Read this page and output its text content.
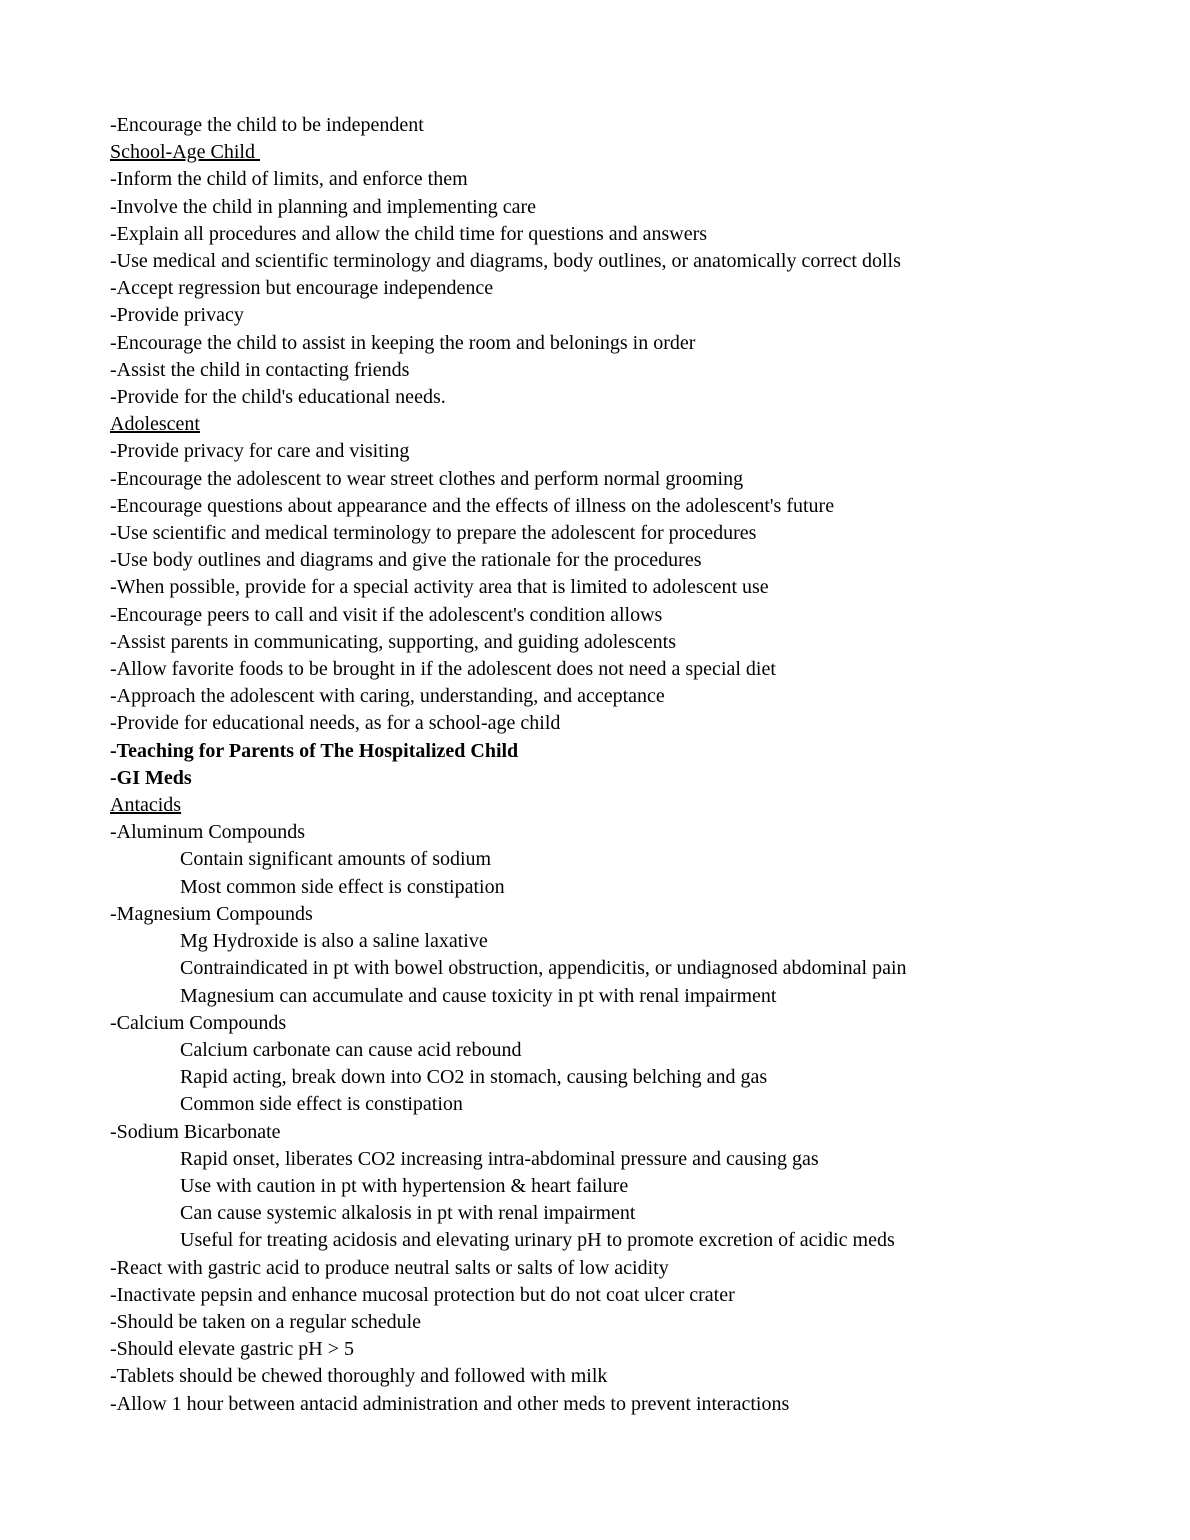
-Encourage the child to be independent
School-Age Child
-Inform the child of limits, and enforce them
-Involve the child in planning and implementing care
-Explain all procedures and allow the child time for questions and answers
-Use medical and scientific terminology and diagrams, body outlines, or anatomically correct dolls
-Accept regression but encourage independence
-Provide privacy
-Encourage the child to assist in keeping the room and belonings in order
-Assist the child in contacting friends
-Provide for the child's educational needs.
Adolescent
-Provide privacy for care and visiting
-Encourage the adolescent to wear street clothes and perform normal grooming
-Encourage questions about appearance and the effects of illness on the adolescent's future
-Use scientific and medical terminology to prepare the adolescent for procedures
-Use body outlines and diagrams and give the rationale for the procedures
-When possible, provide for a special activity area that is limited to adolescent use
-Encourage peers to call and visit if the adolescent's condition allows
-Assist parents in communicating, supporting, and guiding adolescents
-Allow favorite foods to be brought in if the adolescent does not need a special diet
-Approach the adolescent with caring, understanding, and acceptance
-Provide for educational needs, as for a school-age child
-Teaching for Parents of The Hospitalized Child
-GI Meds
Antacids
-Aluminum Compounds
Contain significant amounts of sodium
Most common side effect is constipation
-Magnesium Compounds
Mg Hydroxide is also a saline laxative
Contraindicated in pt with bowel obstruction, appendicitis, or undiagnosed abdominal pain
Magnesium can accumulate and cause toxicity in pt with renal impairment
-Calcium Compounds
Calcium carbonate can cause acid rebound
Rapid acting, break down into CO2 in stomach, causing belching and gas
Common side effect is constipation
-Sodium Bicarbonate
Rapid onset, liberates CO2 increasing intra-abdominal pressure and causing gas
Use with caution in pt with hypertension & heart failure
Can cause systemic alkalosis in pt with renal impairment
Useful for treating acidosis and elevating urinary pH to promote excretion of acidic meds
-React with gastric acid to produce neutral salts or salts of low acidity
-Inactivate pepsin and enhance mucosal protection but do not coat ulcer crater
-Should be taken on a regular schedule
-Should elevate gastric pH > 5
-Tablets should be chewed thoroughly and followed with milk
-Allow 1 hour between antacid administration and other meds to prevent interactions
